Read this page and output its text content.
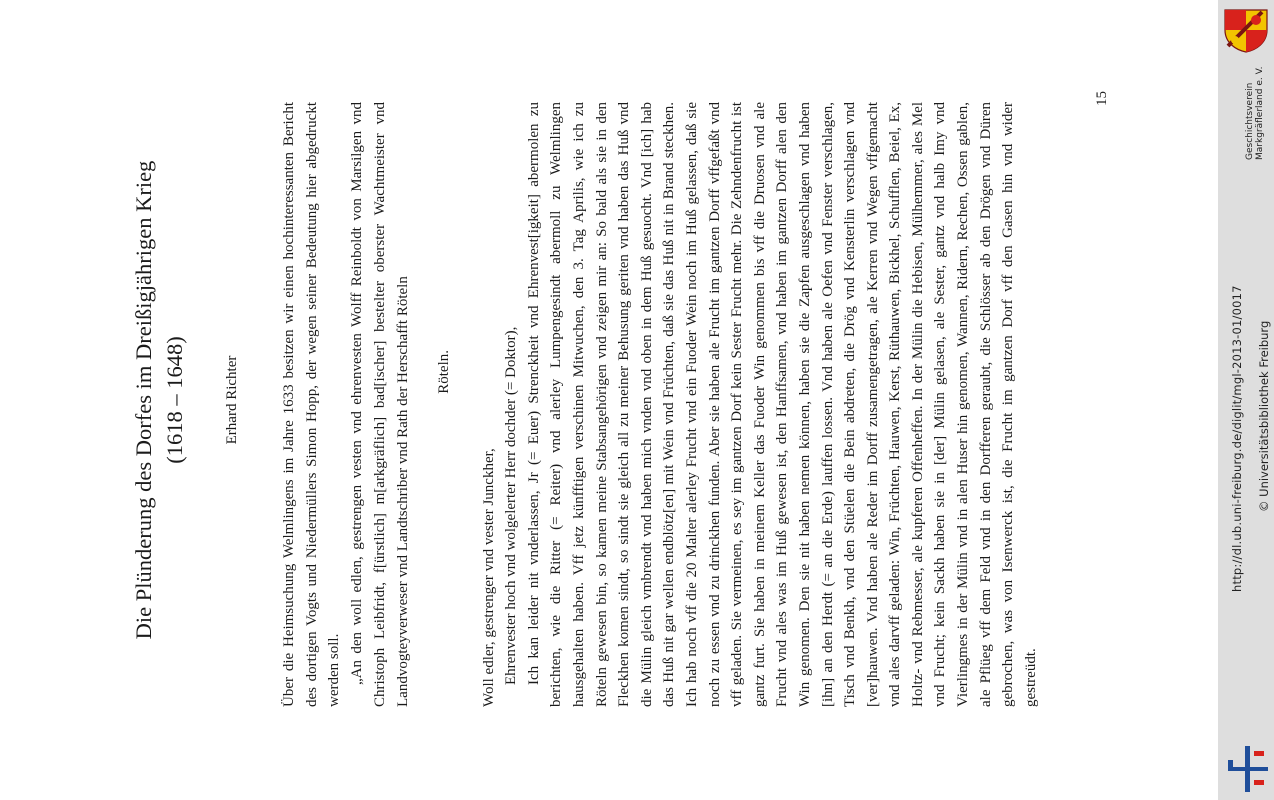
Die Plünderung des Dorfes im Dreißigjährigen Krieg (1618 – 1648) Erhard Richter	Über die Heimsuchung Welmlingens im Jahre 1633 besitzen wir einen hochinteressanten Bericht des dortigen Vogts und Niedermüllers Simon Hopp, der wegen seiner Bedeutung hier abgedruckt werden soll. „An den woll edlen, gestrengen vesten vnd ehrenvesten Wolff Reinboldt von Marsilgen vnd Christoph Leibfridt, f[ürstlich] m[arkgräflich] bad[ischer] bestelter oberster Wachtmeister vnd Landvogteyverweser vnd Landtschriber vnd Rath der Herschafft Röteln Röteln.

Woll edler, gestrenger vnd vester Junckher, Ehrenvester hoch vnd wolgelerter Herr dochder (= Doktor), Ich kan leider nit vnderlassen, Jr (= Euer) Strenckheit vnd Ehrenvest[igkeit] abermolen zu berichten, wie die Ritter (= Reiter) vnd alerley Lumpengesindt abermoll zu Welmlingen hausgehalten haben. Vff jetz künfftigen verschinen Mitwuchen, den 3. Tag Aprilis, wie ich zu Röteln gewesen bin, so kamen meine Stabsangehörigen vnd zeigen mir an: So bald als sie in den Fleckhen komen sindt, so sindt sie gleich all zu meiner Behusung geriten vnd haben das Huß vnd die Mülin gleich vmbrendt vnd haben mich vnden vnd oben in dem Huß gesuocht. Vnd [ich] hab das Huß nit gar wellen endblötz[en] mit Wein vnd Früchten, daß sie das Huß nit in Brand steckhen. Ich hab noch vff die 20 Malter alerley Frucht vnd ein Fuoder Wein noch im Huß gelassen, daß sie noch zu essen vnd zu drinckhen funden. Aber sie haben ale Frucht im gantzen Dorff vffgefaßt vnd vff geladen. Sie vermeinen, es sey im gantzen Dorf kein Sester Frucht mehr. Die Zehndenfrucht ist gantz furt. Sie haben in meinem Keller das Fuoder Win genommen bis vff die Druosen vnd ale Frucht vnd ales was im Huß gewesen ist, den Hanffsamen, vnd haben im gantzen Dorff alen den Win genomen. Den sie nit haben nemen können, haben sie die Zapfen ausgeschlagen vnd haben [ihn] an den Herdt (= an die Erde) lauffen lossen. Vnd haben ale Oefen vnd Fenster verschlagen, Tisch vnd Benkh, vnd den Stüelen die Bein abdreten, die Drög vnd Kensterlin verschlagen vnd [ver]hauwen. Vnd haben ale Reder im Dorff zusamengetragen, ale Kerren vnd Wegen vffgemacht vnd ales darvff geladen: Win, Früchten, Hauwen, Kerst, Rüthauwen, Bickhel, Schufflen, Beiel, Ex, Holtz- vnd Rebmesser, ale kupferen Offenheffen. In der Mülin die Hebisen, Mülhemmer, ales Mel vnd Frucht; kein Sackh haben sie in [der] Mülin gelasen, ale Sester, gantz vnd halb Imy vnd Vierlingmes in der Mülin vnd in alen Huser hin genomen, Wannen, Ridern, Rechen, Ossen gablen, ale Pflüeg vff dem Feld vnd in den Dorfferen geraubt, die Schlösser ab den Drögen vnd Düren gebrochen, was von Isenwerck ist, die Frucht im gantzen Dorf vff den Gasen hin vnd wider gestreüdt.

15	Geschichtsverein Markgräflerland e. V.
http://dl.ub.uni-freiburg.de/diglit/mgl-2013-01/0017 © Universitätsbibliothek Freiburg
